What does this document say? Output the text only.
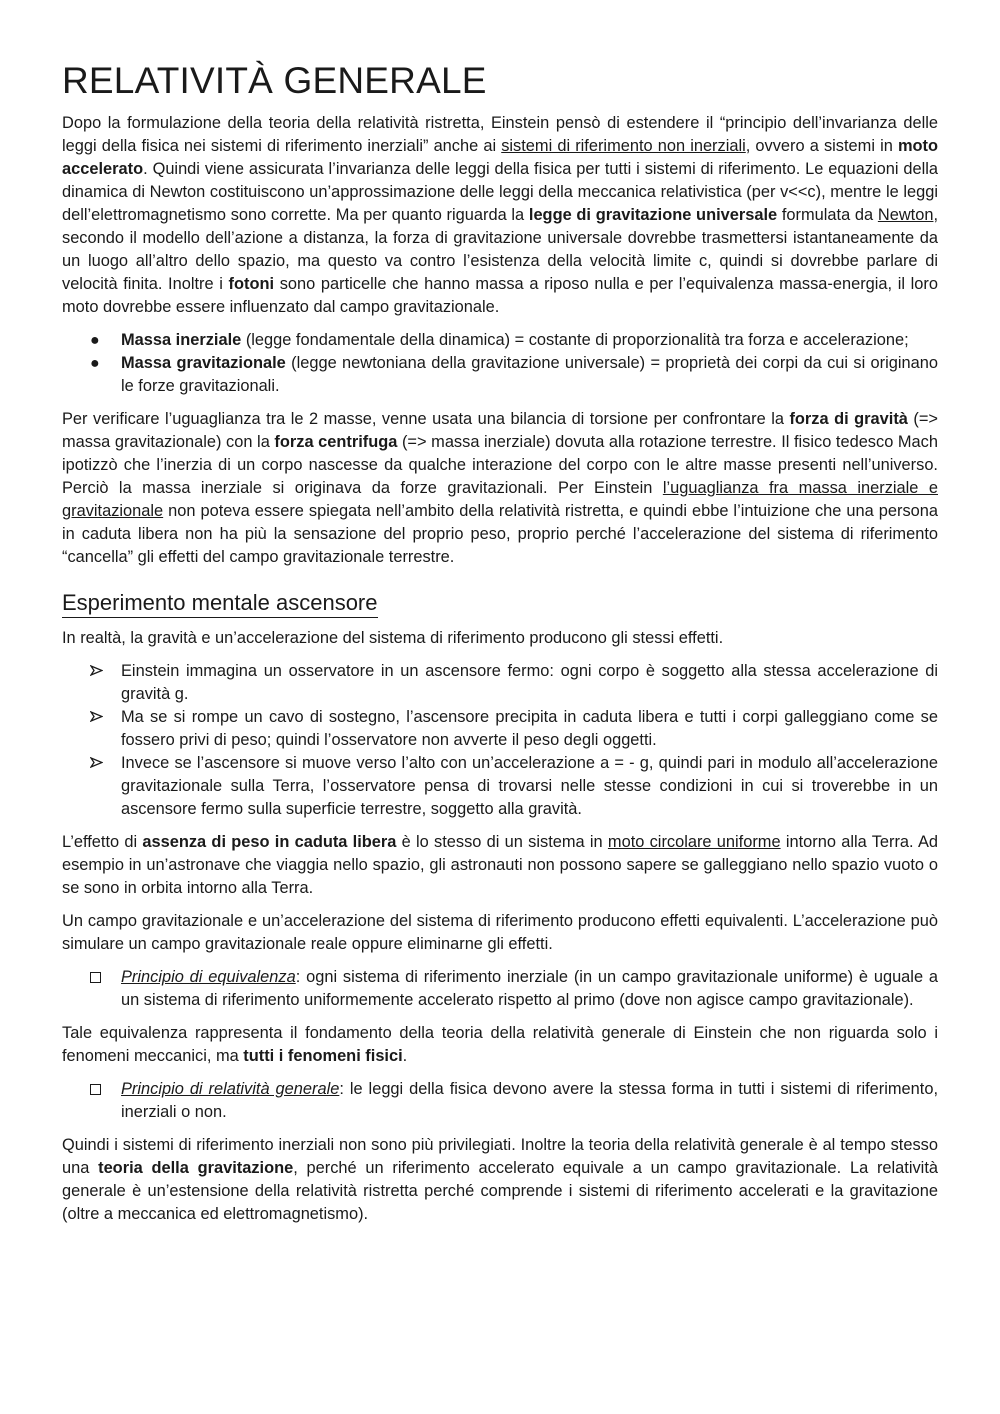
RELATIVITÀ GENERALE

Dopo la formulazione della teoria della relatività ristretta, Einstein pensò di estendere il “principio dell’invarianza delle leggi della fisica nei sistemi di riferimento inerziali” anche ai sistemi di riferimento non inerziali, ovvero a sistemi in moto accelerato. Quindi viene assicurata l’invarianza delle leggi della fisica per tutti i sistemi di riferimento. Le equazioni della dinamica di Newton costituiscono un’approssimazione delle leggi della meccanica relativistica (per v<<c), mentre le leggi dell’elettromagnetismo sono corrette. Ma per quanto riguarda la legge di gravitazione universale formulata da Newton, secondo il modello dell’azione a distanza, la forza di gravitazione universale dovrebbe trasmettersi istantaneamente da un luogo all’altro dello spazio, ma questo va contro l’esistenza della velocità limite c, quindi si dovrebbe parlare di velocità finita. Inoltre i fotoni sono particelle che hanno massa a riposo nulla e per l’equivalenza massa-energia, il loro moto dovrebbe essere influenzato dal campo gravitazionale.

●	Massa inerziale (legge fondamentale della dinamica) = costante di proporzionalità tra forza e accelerazione;
●	Massa gravitazionale (legge newtoniana della gravitazione universale) = proprietà dei corpi da cui si originano le forze gravitazionali.

Per verificare l’uguaglianza tra le 2 masse, venne usata una bilancia di torsione per confrontare la forza di gravità (=> massa gravitazionale) con la forza centrifuga (=> massa inerziale) dovuta alla rotazione terrestre. Il fisico tedesco Mach ipotizzò che l’inerzia di un corpo nascesse da qualche interazione del corpo con le altre masse presenti nell’universo. Perciò la massa inerziale si originava da forze gravitazionali. Per Einstein l’uguaglianza fra massa inerziale e gravitazionale non poteva essere spiegata nell’ambito della relatività ristretta, e quindi ebbe l’intuizione che una persona in caduta libera non ha più la sensazione del proprio peso, proprio perché l’accelerazione del sistema di riferimento “cancella” gli effetti del campo gravitazionale terrestre.

Esperimento mentale ascensore

In realtà, la gravità e un’accelerazione del sistema di riferimento producono gli stessi effetti.

Einstein immagina un osservatore in un ascensore fermo: ogni corpo è soggetto alla stessa accelerazione di gravità g.
Ma se si rompe un cavo di sostegno, l’ascensore precipita in caduta libera e tutti i corpi galleggiano come se fossero privi di peso; quindi l’osservatore non avverte il peso degli oggetti.
Invece se l’ascensore si muove verso l’alto con un’accelerazione a = - g, quindi pari in modulo all’accelerazione gravitazionale sulla Terra, l’osservatore pensa di trovarsi nelle stesse condizioni in cui si troverebbe in un ascensore fermo sulla superficie terrestre, soggetto alla gravità.

L’effetto di assenza di peso in caduta libera è lo stesso di un sistema in moto circolare uniforme intorno alla Terra. Ad esempio in un’astronave che viaggia nello spazio, gli astronauti non possono sapere se galleggiano nello spazio vuoto o se sono in orbita intorno alla Terra.

Un campo gravitazionale e un’accelerazione del sistema di riferimento producono effetti equivalenti. L’accelerazione può simulare un campo gravitazionale reale oppure eliminarne gli effetti.

Principio di equivalenza: ogni sistema di riferimento inerziale (in un campo gravitazionale uniforme) è uguale a un sistema di riferimento uniformemente accelerato rispetto al primo (dove non agisce campo gravitazionale).

Tale equivalenza rappresenta il fondamento della teoria della relatività generale di Einstein che non riguarda solo i fenomeni meccanici, ma tutti i fenomeni fisici.

Principio di relatività generale: le leggi della fisica devono avere la stessa forma in tutti i sistemi di riferimento, inerziali o non.

Quindi i sistemi di riferimento inerziali non sono più privilegiati. Inoltre la teoria della relatività generale è al tempo stesso una teoria della gravitazione, perché un riferimento accelerato equivale a un campo gravitazionale. La relatività generale è un’estensione della relatività ristretta perché comprende i sistemi di riferimento accelerati e la gravitazione (oltre a meccanica ed elettromagnetismo).
